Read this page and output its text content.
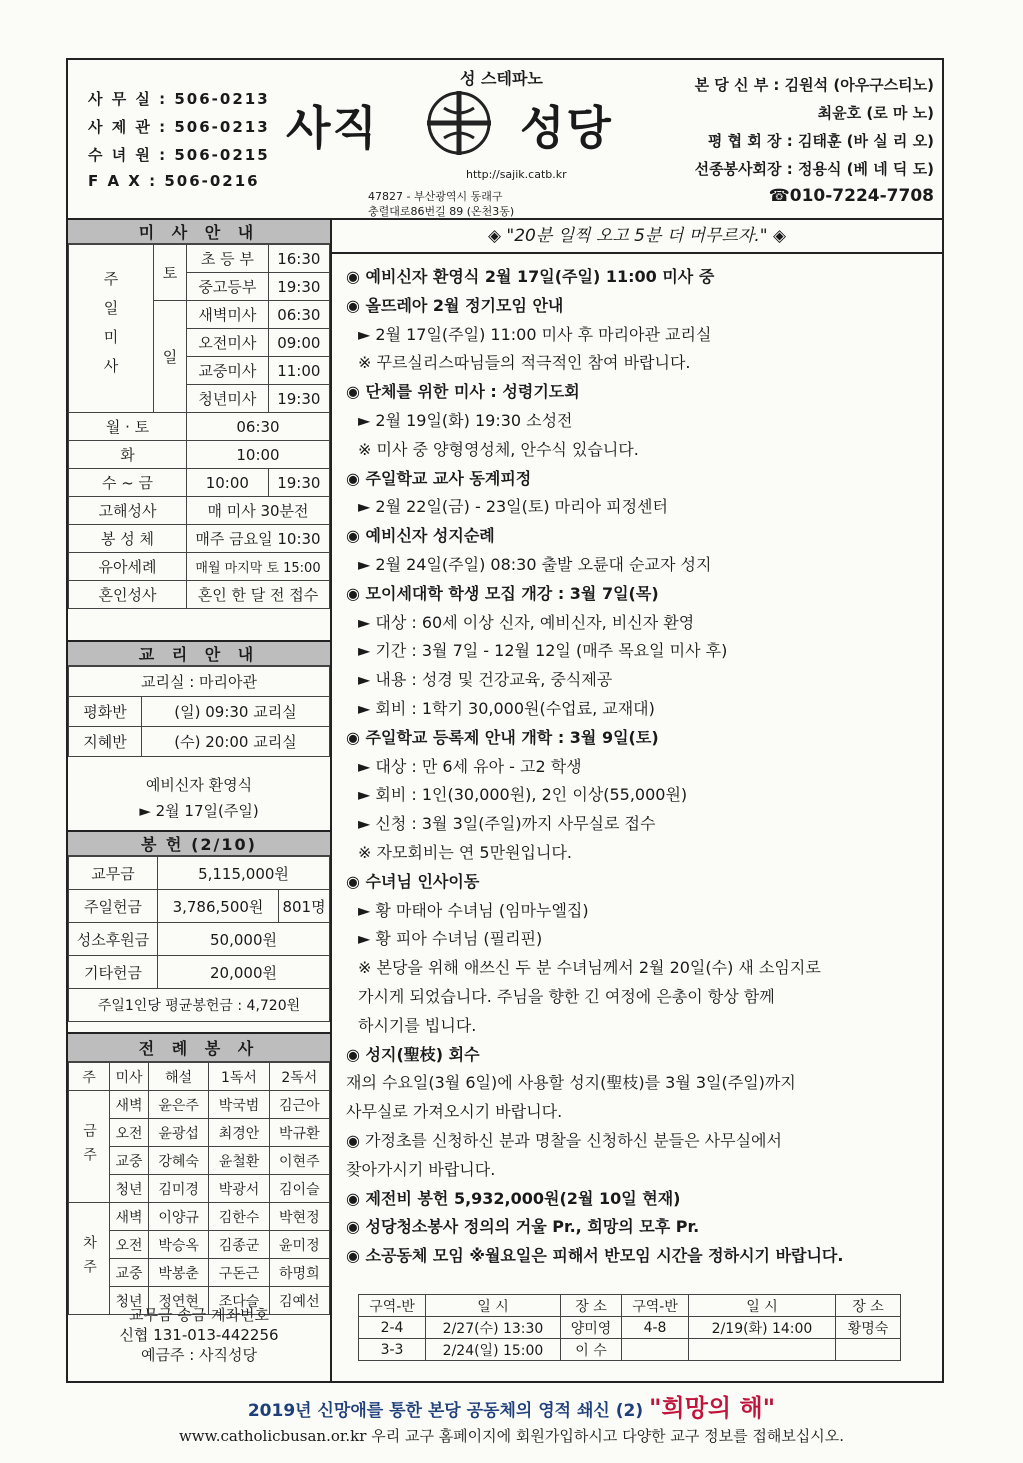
사 무 실 : 506-0213
사 제 관 : 506-0213
수 녀 원 : 506-0215
F A X : 506-0216
성 스테파노
사직	성당
http://sajik.catb.kr
47827 - 부산광역시 동래구
충렬대로86번길 89 (온천3동)
본 당 신 부 : 김원석 (아우구스티노)
최윤호 (로 마 노)
평 협 회 장 : 김태훈 (바 실 리 오)
선종봉사회장 : 정용식 (베 네 딕 도)
☎010-7224-7708
미 사 안 내
주일미사	토	초 등 부	16:30
		중고등부	19:30
	일	새벽미사	06:30
		오전미사	09:00
		교중미사	11:00
		청년미사	19:30
월 · 토		06:30	
화		10:00	
수 ~ 금		10:00	19:30
고해성사		매 미사 30분전	
봉 성 체		매주 금요일 10:30	
유아세례		매월 마지막 토 15:00	
혼인성사		혼인 한 달 전 접수	
교 리 안 내
교리실 : 마리아관	
평화반	(일) 09:30 교리실
지혜반	(수) 20:00 교리실
예비신자 환영식
► 2월 17일(주일)
봉 헌 (2/10)
교무금	5,115,000원	
주일헌금	3,786,500원	801명
성소후원금	50,000원	
기타헌금	20,000원	
주일1인당 평균봉헌금 : 4,720원		
전 례 봉 사
주	미사	해설	1독서	2독서
금주	새벽	윤은주	박국범	김근아
	오전	윤광섭	최경안	박규환
	교중	강혜숙	윤철환	이현주
	청년	김미경	박광서	김이슬
차주	새벽	이양규	김한수	박현정
	오전	박승옥	김종군	윤미정
	교중	박봉춘	구돈근	하명희
	청년	정연현	조다슬	김예선
교무금 송금 계좌번호
신협 131-013-442256
예금주 : 사직성당
◈ "20분 일찍 오고 5분 더 머무르자." ◈
◉ 예비신자 환영식 2월 17일(주일) 11:00 미사 중
◉ 올뜨레아 2월 정기모임 안내
► 2월 17일(주일) 11:00 미사 후 마리아관 교리실
※ 꾸르실리스따님들의 적극적인 참여 바랍니다.
◉ 단체를 위한 미사 : 성령기도회
► 2월 19일(화) 19:30 소성전
※ 미사 중 양형영성체, 안수식 있습니다.
◉ 주일학교 교사 동계피정
► 2월 22일(금) - 23일(토) 마리아 피정센터
◉ 예비신자 성지순례
► 2월 24일(주일) 08:30 출발 오륜대 순교자 성지
◉ 모이세대학 학생 모집 개강 : 3월 7일(목)
► 대상 : 60세 이상 신자, 예비신자, 비신자 환영
► 기간 : 3월 7일 - 12월 12일 (매주 목요일 미사 후)
► 내용 : 성경 및 건강교육, 중식제공
► 회비 : 1학기 30,000원(수업료, 교재대)
◉ 주일학교 등록제 안내 개학 : 3월 9일(토)
► 대상 : 만 6세 유아 - 고2 학생
► 회비 : 1인(30,000원), 2인 이상(55,000원)
► 신청 : 3월 3일(주일)까지 사무실로 접수
※ 자모회비는 연 5만원입니다.
◉ 수녀님 인사이동
► 황 마태아 수녀님 (임마누엘집)
► 황 피아 수녀님 (필리핀)
※ 본당을 위해 애쓰신 두 분 수녀님께서 2월 20일(수) 새 소임지로
가시게 되었습니다. 주님을 향한 긴 여정에 은총이 항상 함께
하시기를 빕니다.
◉ 성지(聖枝) 회수
재의 수요일(3월 6일)에 사용할 성지(聖枝)를 3월 3일(주일)까지
사무실로 가져오시기 바랍니다.
◉ 가정초를 신청하신 분과 명찰을 신청하신 분들은 사무실에서
찾아가시기 바랍니다.
◉ 제전비 봉헌 5,932,000원(2월 10일 현재)
◉ 성당청소봉사 정의의 거울 Pr., 희망의 모후 Pr.
◉ 소공동체 모임 ※월요일은 피해서 반모임 시간을 정하시기 바랍니다.
구역-반	일 시	장 소	구역-반	일 시	장 소
2-4	2/27(수) 13:30	양미영	4-8	2/19(화) 14:00	황명숙
3-3	2/24(일) 15:00	이 수			
2019년 신망애를 통한 본당 공동체의 영적 쇄신 (2) "희망의 해"
www.catholicbusan.or.kr 우리 교구 홈페이지에 회원가입하시고 다양한 교구 정보를 접해보십시오.
